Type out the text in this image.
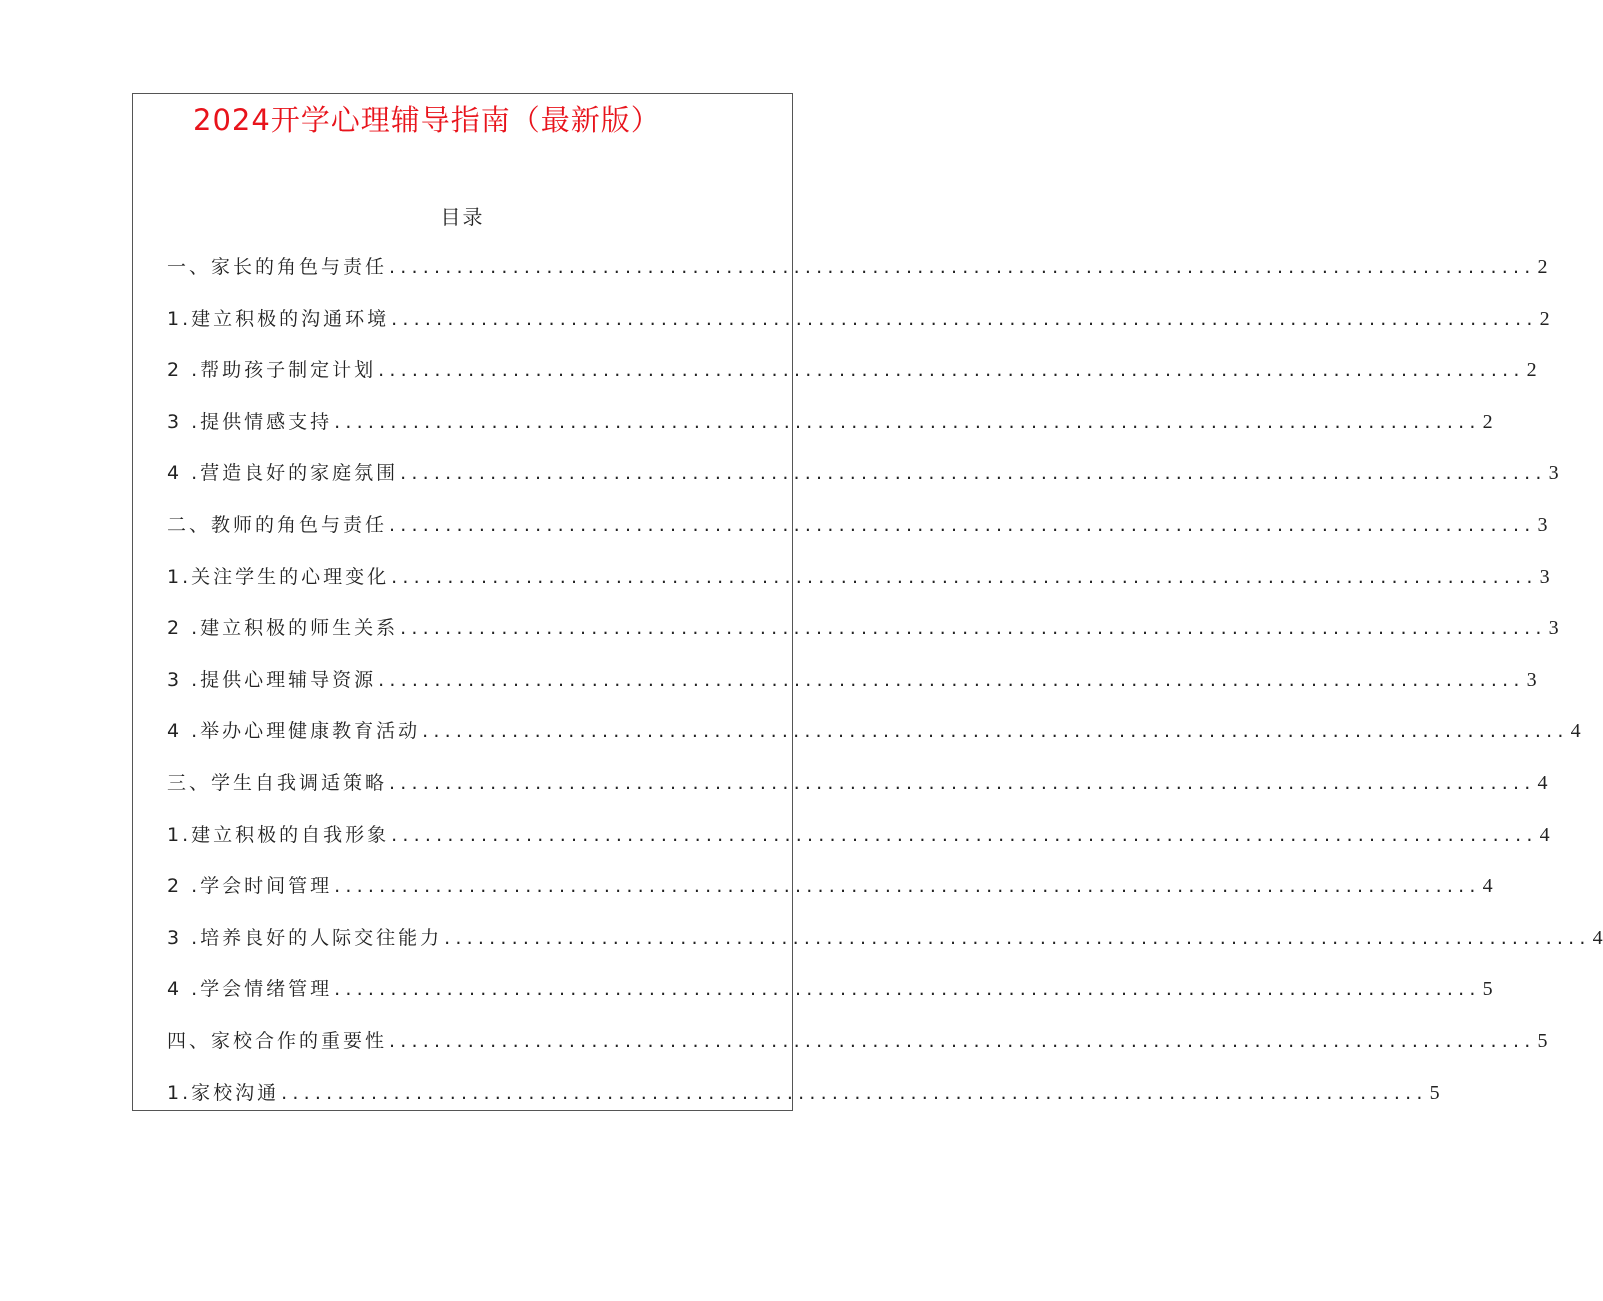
2024开学心理辅导指南（最新版）
目录
一、家长的角色与责任 ...................................................................................................... 2
1.建立积极的沟通环境 ...................................................................................................... 2
2 .帮助孩子制定计划 ...................................................................................................... 2
3 .提供情感支持 ...................................................................................................... 2
4 .营造良好的家庭氛围 ...................................................................................................... 3
二、教师的角色与责任 ...................................................................................................... 3
1.关注学生的心理变化 ...................................................................................................... 3
2 .建立积极的师生关系 ...................................................................................................... 3
3 .提供心理辅导资源 ...................................................................................................... 3
4 .举办心理健康教育活动 ...................................................................................................... 4
三、学生自我调适策略 ...................................................................................................... 4
1.建立积极的自我形象 ...................................................................................................... 4
2 .学会时间管理 ...................................................................................................... 4
3 .培养良好的人际交往能力 ...................................................................................................... 4
4 .学会情绪管理 ...................................................................................................... 5
四、家校合作的重要性 ...................................................................................................... 5
1.家校沟通 ...................................................................................................... 5
